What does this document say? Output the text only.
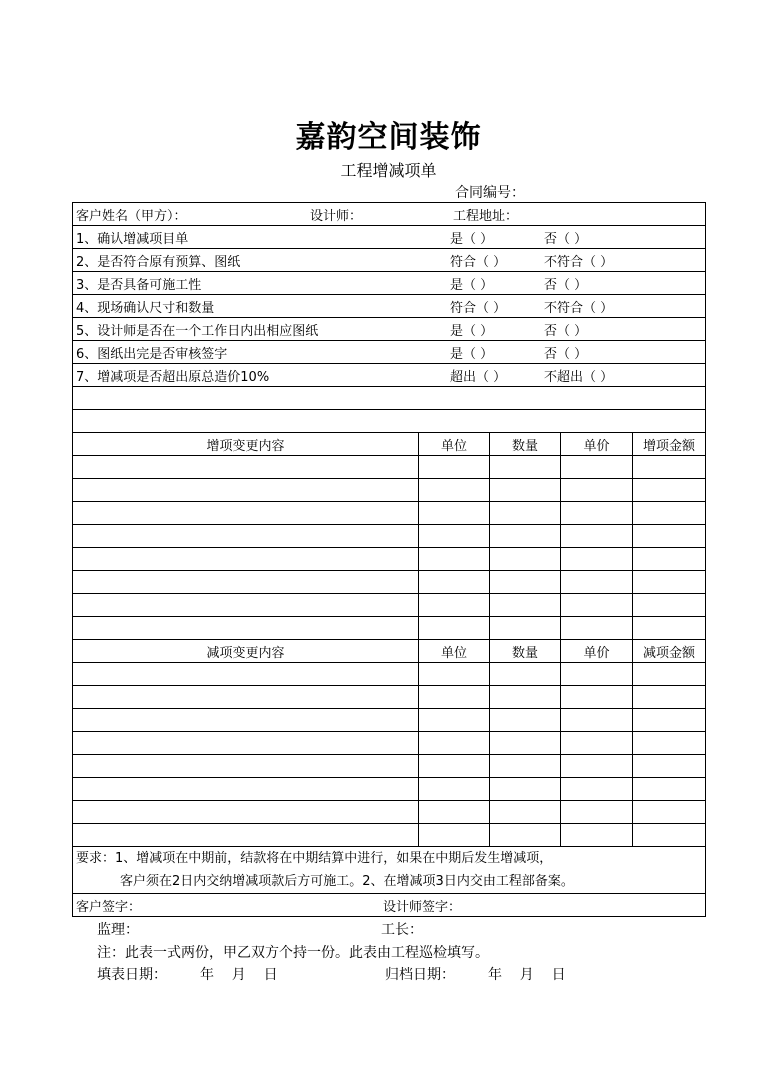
嘉韵空间装饰
工程增减项单
合同编号：
客户姓名（甲方）： 设计师： 工程地址：				
1、确认增减项目单 是（ ） 否（ ）				
2、是否符合原有预算、图纸 符合（ ） 不符合（ ）				
3、是否具备可施工性 是（ ） 否（ ）				
4、现场确认尺寸和数量 符合（ ） 不符合（ ）				
5、设计师是否在一个工作日内出相应图纸 是（ ） 否（ ）				
6、图纸出完是否审核签字 是（ ） 否（ ）				
7、增减项是否超出原总造价10% 超出（ ） 不超出（ ）				

增项变更内容	单位	数量	单价	增项金额

减项变更内容	单位	数量	单价	减项金额

要求：1、增减项在中期前，结款将在中期结算中进行，如果在中期后发生增减项，
客户须在2日内交纳增减项款后方可施工。2、在增减项3日内交由工程部备案。				

客户签字： 设计师签字：				
监理：	工长：
注：此表一式两份，甲乙双方个持一份。此表由工程巡检填写。
填表日期： 年    月    日	归档日期： 年    月    日
